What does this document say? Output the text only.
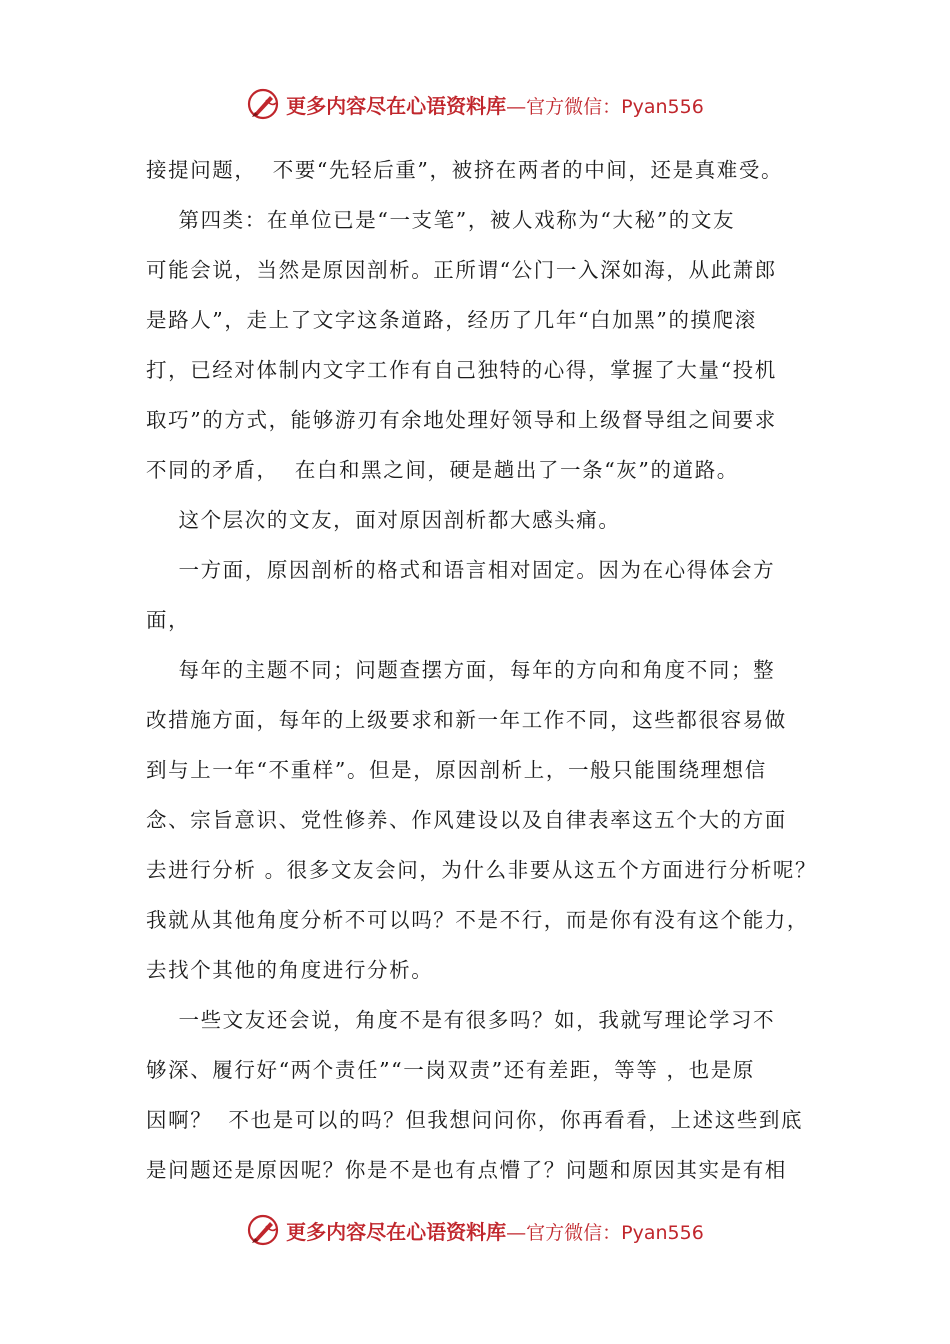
更多内容尽在心语资料库 — 官方微信：Pyan556
接提问题，  不要“先轻后重”，被挤在两者的中间，还是真难受。
第四类：在单位已是“一支笔”，被人戏称为“大秘”的文友
可能会说，当然是原因剖析。正所谓“公门一入深如海，从此萧郎
是路人”，走上了文字这条道路，经历了几年“白加黑”的摸爬滚
打，已经对体制内文字工作有自己独特的心得，掌握了大量“投机
取巧”的方式，能够游刃有余地处理好领导和上级督导组之间要求
不同的矛盾，  在白和黑之间，硬是趟出了一条“灰”的道路。
这个层次的文友，面对原因剖析都大感头痛。
一方面，原因剖析的格式和语言相对固定。因为在心得体会方
面，
每年的主题不同；问题查摆方面，每年的方向和角度不同；整
改措施方面，每年的上级要求和新一年工作不同，这些都很容易做
到与上一年“不重样”。但是，原因剖析上，一般只能围绕理想信
念、宗旨意识、党性修养、作风建设以及自律表率这五个大的方面
去进行分析 。很多文友会问，为什么非要从这五个方面进行分析呢？
我就从其他角度分析不可以吗？不是不行，而是你有没有这个能力，
去找个其他的角度进行分析。
一些文友还会说，角度不是有很多吗？如，我就写理论学习不
够深、履行好“两个责任”“一岗双责”还有差距，等等 ，也是原
因啊？  不也是可以的吗？但我想问问你，你再看看，上述这些到底
是问题还是原因呢？你是不是也有点懵了？问题和原因其实是有相
更多内容尽在心语资料库 — 官方微信：Pyan556
